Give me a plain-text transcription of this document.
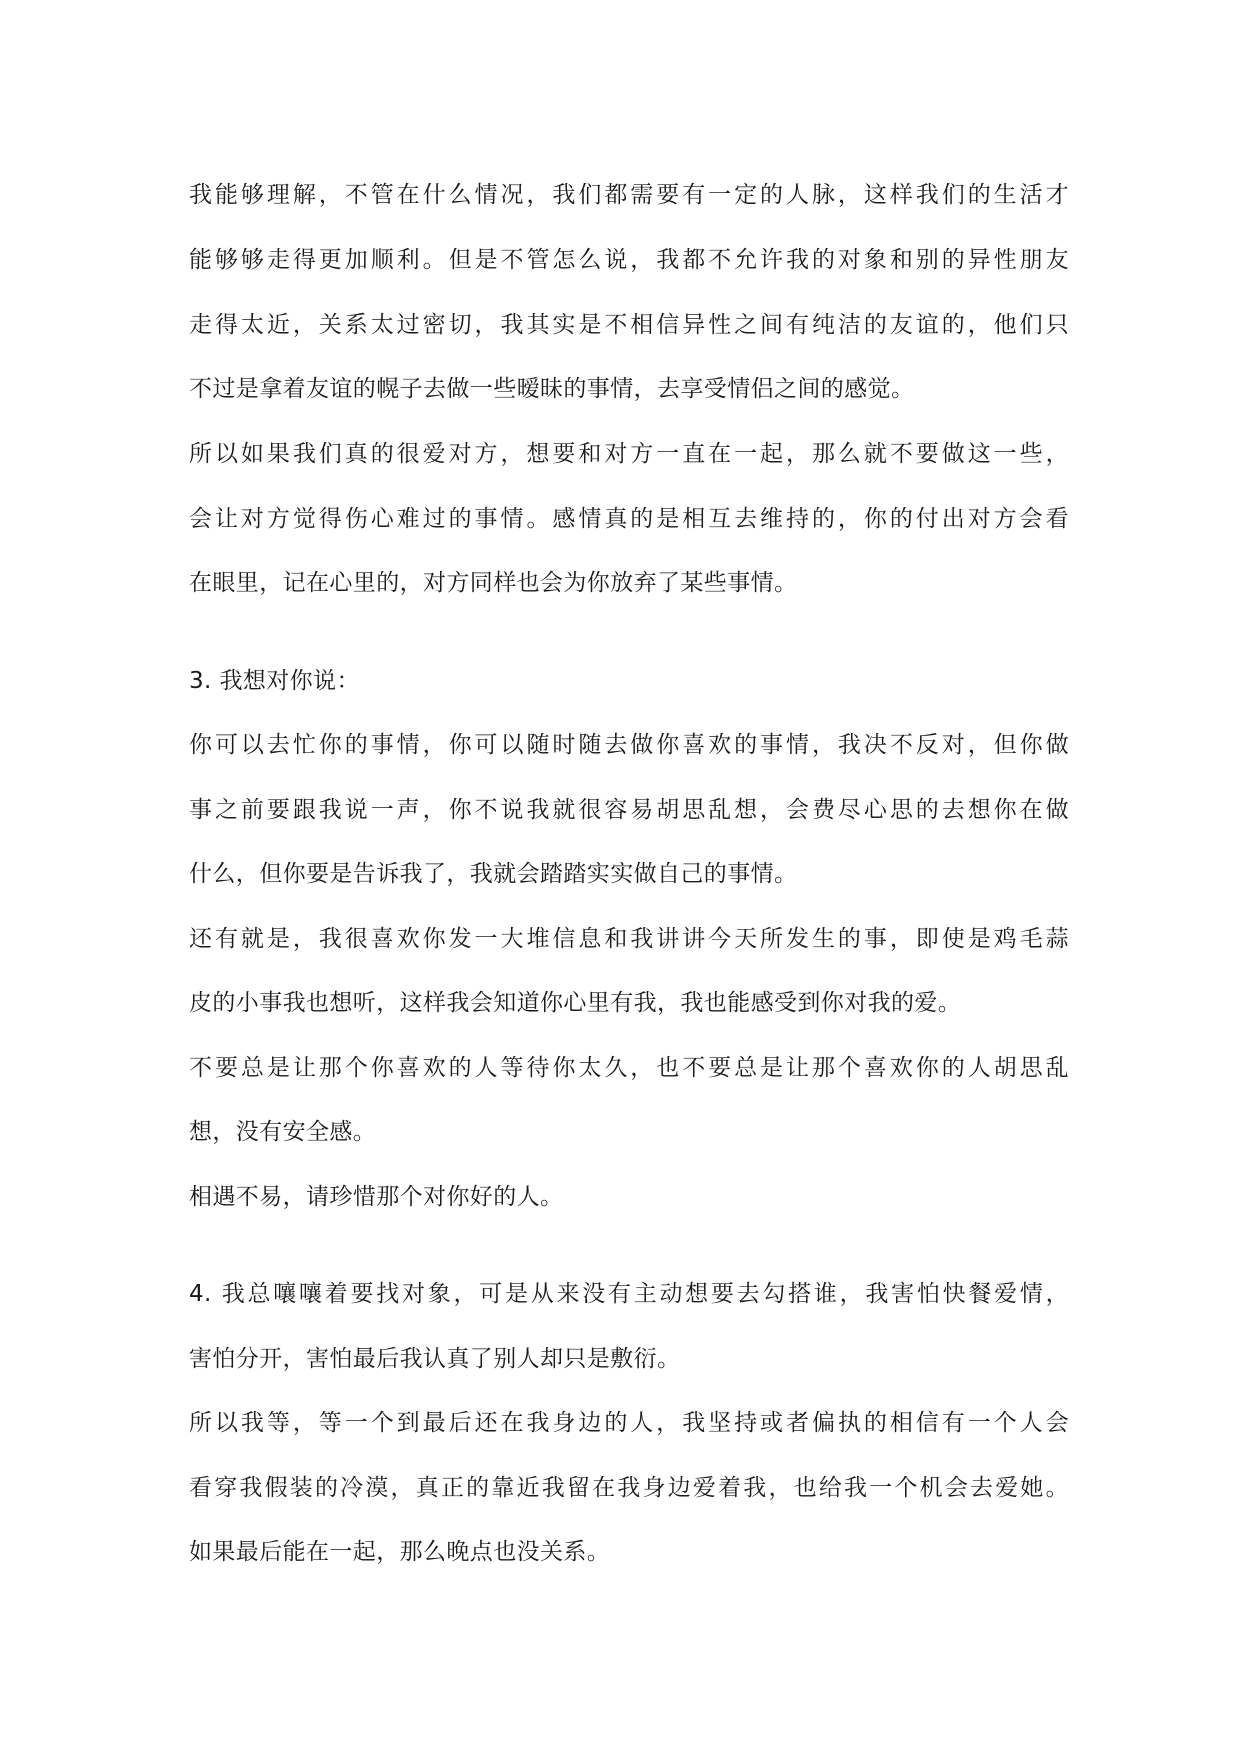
我能够理解，不管在什么情况，我们都需要有一定的人脉，这样我们的生活才
能够够走得更加顺利。但是不管怎么说，我都不允许我的对象和别的异性朋友
走得太近，关系太过密切，我其实是不相信异性之间有纯洁的友谊的，他们只
不过是拿着友谊的幌子去做一些暧昧的事情，去享受情侣之间的感觉。
所以如果我们真的很爱对方，想要和对方一直在一起，那么就不要做这一些，
会让对方觉得伤心难过的事情。感情真的是相互去维持的，你的付出对方会看
在眼里，记在心里的，对方同样也会为你放弃了某些事情。
3. 我想对你说：
你可以去忙你的事情，你可以随时随去做你喜欢的事情，我决不反对，但你做
事之前要跟我说一声，你不说我就很容易胡思乱想，会费尽心思的去想你在做
什么，但你要是告诉我了，我就会踏踏实实做自己的事情。
还有就是，我很喜欢你发一大堆信息和我讲讲今天所发生的事，即使是鸡毛蒜
皮的小事我也想听，这样我会知道你心里有我，我也能感受到你对我的爱。
不要总是让那个你喜欢的人等待你太久，也不要总是让那个喜欢你的人胡思乱
想，没有安全感。
相遇不易，请珍惜那个对你好的人。
4. 我总嚷嚷着要找对象，可是从来没有主动想要去勾搭谁，我害怕快餐爱情，
害怕分开，害怕最后我认真了别人却只是敷衍。
所以我等，等一个到最后还在我身边的人，我坚持或者偏执的相信有一个人会
看穿我假装的冷漠，真正的靠近我留在我身边爱着我，也给我一个机会去爱她。
如果最后能在一起，那么晚点也没关系。
